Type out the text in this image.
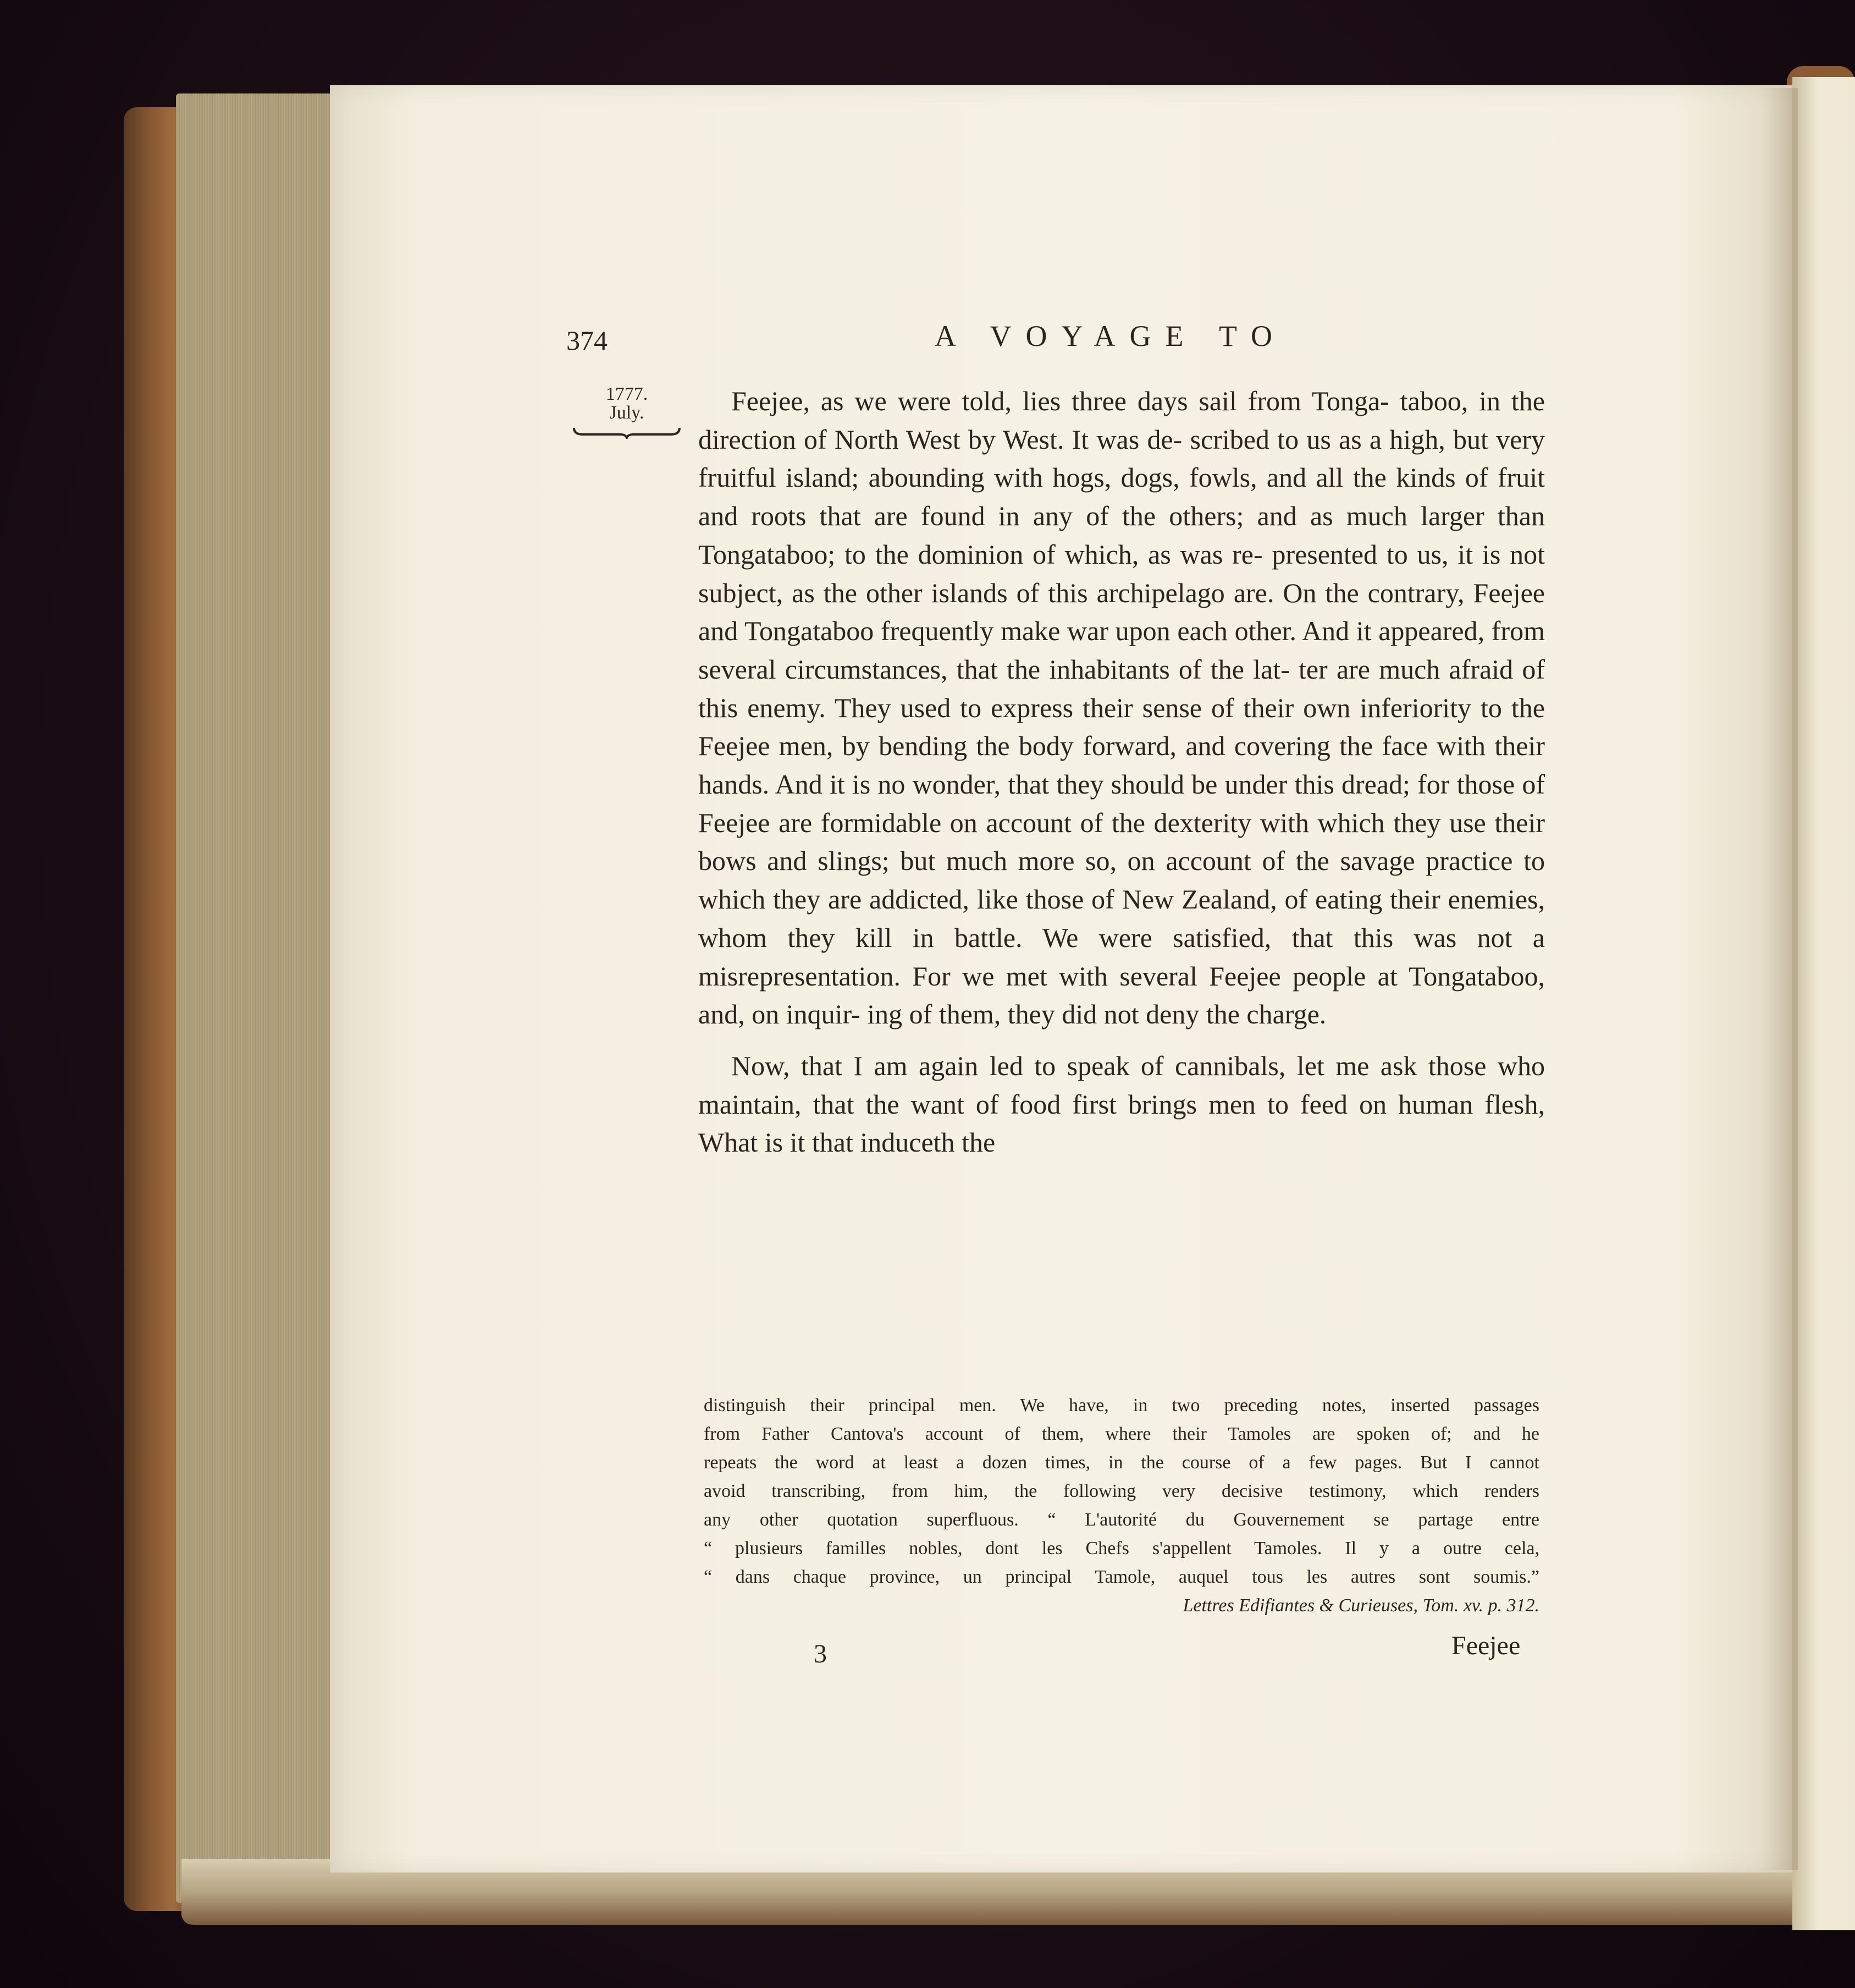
374	A VOYAGE TO
1777.
July.	Feejee, as we were told, lies three days sail from Tonga- taboo, in the direction of North West by West. It was de- scribed to us as a high, but very fruitful island; abounding with hogs, dogs, fowls, and all the kinds of fruit and roots that are found in any of the others; and as much larger than Tongataboo; to the dominion of which, as was re- presented to us, it is not subject, as the other islands of this archipelago are. On the contrary, Feejee and Tongataboo frequently make war upon each other. And it appeared, from several circumstances, that the inhabitants of the lat- ter are much afraid of this enemy. They used to express their sense of their own inferiority to the Feejee men, by bending the body forward, and covering the face with their hands. And it is no wonder, that they should be under this dread; for those of Feejee are formidable on account of the dexterity with which they use their bows and slings; but much more so, on account of the savage practice to which they are addicted, like those of New Zealand, of eating their enemies, whom they kill in battle. We were satisfied, that this was not a misrepresentation. For we met with several Feejee people at Tongataboo, and, on inquir- ing of them, they did not deny the charge.

Now, that I am again led to speak of cannibals, let me ask those who maintain, that the want of food first brings men to feed on human flesh, What is it that induceth the

distinguish their principal men. We have, in two preceding notes, inserted passages
from Father Cantova's account of them, where their Tamoles are spoken of; and he
repeats the word at least a dozen times, in the course of a few pages. But I cannot
avoid transcribing, from him, the following very decisive testimony, which renders
any other quotation superfluous. “ L'autorité du Gouvernement se partage entre
“ plusieurs familles nobles, dont les Chefs s'appellent Tamoles. Il y a outre cela,
“ dans chaque province, un principal Tamole, auquel tous les autres sont soumis.”
Lettres Edifiantes & Curieuses, Tom. xv. p. 312.
3	Feejee
